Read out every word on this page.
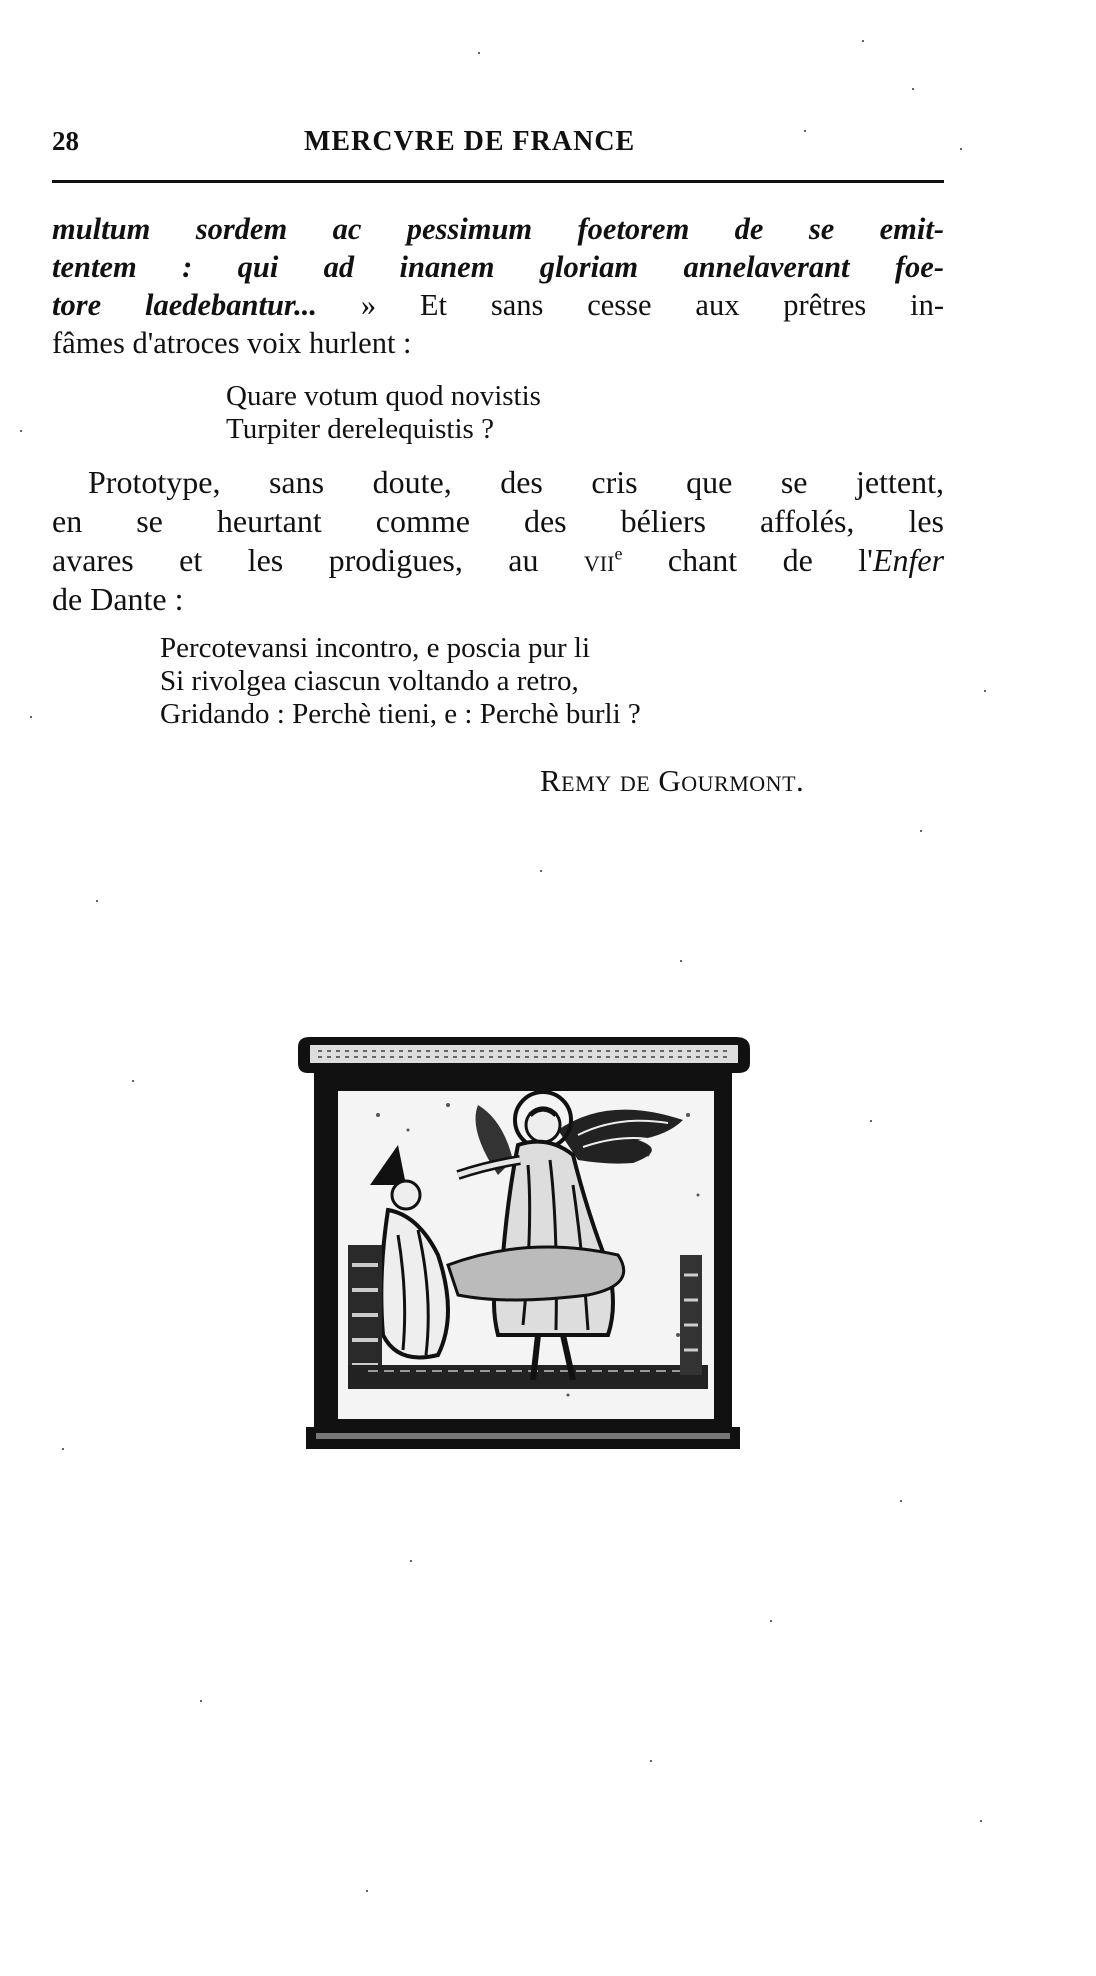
28	MERCVRE DE FRANCE
multum sordem ac pessimum foetorem de se emit-
tentem : qui ad inanem gloriam annelaverant foe-
tore laedebantur... » Et sans cesse aux prêtres in-
fâmes d'atroces voix hurlent :
Quare votum quod novistis
Turpiter derelequistis ?
Prototype, sans doute, des cris que se jettent,
en se heurtant comme des béliers affolés, les
avares et les prodigues, au vii$^e$ chant de l'Enfer
de Dante :
Percotevansi incontro, e poscia pur li
Si rivolgea ciascun voltando a retro,
Gridando : Perchè tieni, e : Perchè burli ?
Remy de Gourmont.
